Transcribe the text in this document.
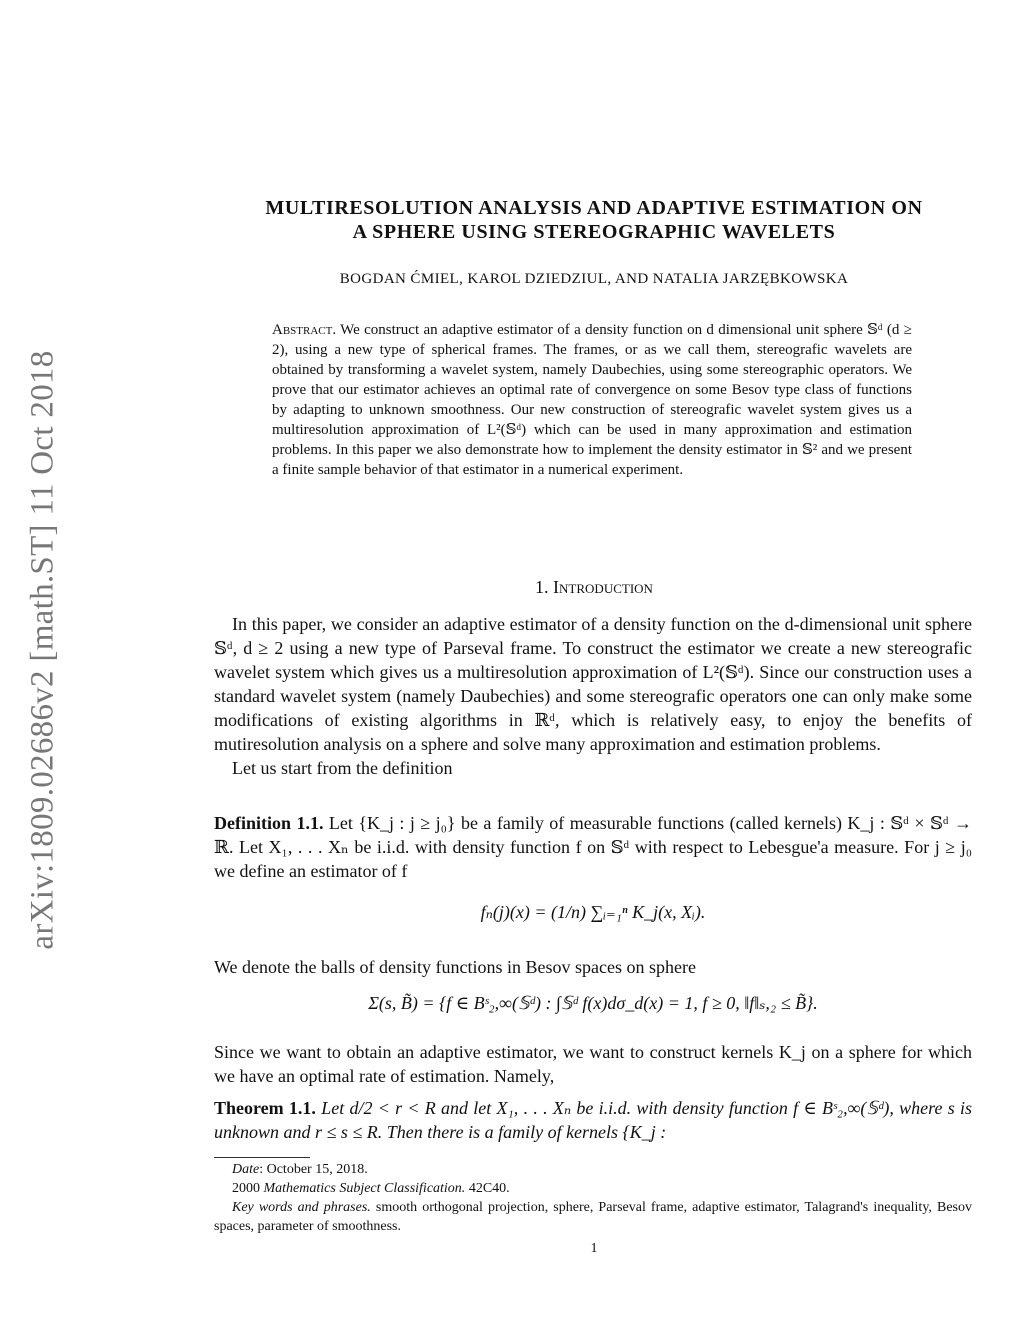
arXiv:1809.02686v2 [math.ST] 11 Oct 2018
MULTIRESOLUTION ANALYSIS AND ADAPTIVE ESTIMATION ON
A SPHERE USING STEREOGRAPHIC WAVELETS
BOGDAN ĆMIEL, KAROL DZIEDZIUL, AND NATALIA JARZĘBKOWSKA
Abstract. We construct an adaptive estimator of a density function on d dimensional unit sphere 𝕊ᵈ (d ≥ 2), using a new type of spherical frames. The frames, or as we call them, stereografic wavelets are obtained by transforming a wavelet system, namely Daubechies, using some stereographic operators. We prove that our estimator achieves an optimal rate of convergence on some Besov type class of functions by adapting to unknown smoothness. Our new construction of stereografic wavelet system gives us a multiresolution approximation of L²(𝕊ᵈ) which can be used in many approximation and estimation problems. In this paper we also demonstrate how to implement the density estimator in 𝕊² and we present a finite sample behavior of that estimator in a numerical experiment.
1. Introduction

In this paper, we consider an adaptive estimator of a density function on the d-dimensional unit sphere 𝕊ᵈ, d ≥ 2 using a new type of Parseval frame. To construct the estimator we create a new stereografic wavelet system which gives us a multiresolution approximation of L²(𝕊ᵈ). Since our construction uses a standard wavelet system (namely Daubechies) and some stereografic operators one can only make some modifications of existing algorithms in ℝᵈ, which is relatively easy, to enjoy the benefits of mutiresolution analysis on a sphere and solve many approximation and estimation problems.

Let us start from the definition

Definition 1.1. Let {K_j : j ≥ j₀} be a family of measurable functions (called kernels) K_j : 𝕊ᵈ × 𝕊ᵈ → ℝ. Let X₁, . . . Xₙ be i.i.d. with density function f on 𝕊ᵈ with respect to Lebesgue'a measure. For j ≥ j₀ we define an estimator of f

fₙ(j)(x) = (1/n) ∑ᵢ₌₁ⁿ K_j(x, Xᵢ).
We denote the balls of density functions in Besov spaces on sphere
Σ(s, B̃) = {f ∈ Bˢ₂,∞(𝕊ᵈ) : ∫𝕊ᵈ f(x)dσ_d(x) = 1, f ≥ 0, ‖f‖ₛ,₂ ≤ B̃}.
Since we want to obtain an adaptive estimator, we want to construct kernels K_j on a sphere for which we have an optimal rate of estimation. Namely,

Theorem 1.1. Let d/2 < r < R and let X₁, . . . Xₙ be i.i.d. with density function f ∈ Bˢ₂,∞(𝕊ᵈ), where s is unknown and r ≤ s ≤ R. Then there is a family of kernels {K_j :

Date: October 15, 2018.

2000 Mathematics Subject Classification. 42C40.

Key words and phrases. smooth orthogonal projection, sphere, Parseval frame, adaptive estimator, Talagrand's inequality, Besov spaces, parameter of smoothness.

1
